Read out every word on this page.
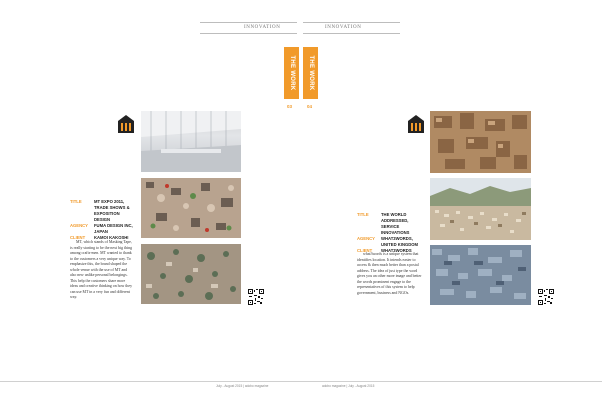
INNOVATION	INNOVATION
THE WORK THE WORK
03	04
TITLE	MT EXPO 2011, TRADE SHOWS & EXPOSITION DESIGN
AGENCY	FUMA DESIGN INC, JAPAN
CLIENT	KAMOI KAKOSHI
MT, which stands of Masking Tape, is really starting to be the next big thing among crafts-men. MT wanted to thank to the customers a very unique way. To emphasize this, the brand shaped the whole venue with the use of MT and also new unlike personal belongings. This help the customers share more ideas and creative thinking on how they can use MT in a very fun and different way.
TITLE	THE WORLD ADDRESSED, SERVICE INNOVATIONS
AGENCY	WHAT3WORDS, UNITED KINGDOM
CLIENT	WHAT3WORDS
what3words is a unique system that identifies location. It intends easier to access & then much better than a postal address. The idea of just type the word gives you an other more image and better the words prominent engage to the representatives of this system to help government, business and NGOs.
July - August 2015 | adobo magazine	adobo magazine | July - August 2015
